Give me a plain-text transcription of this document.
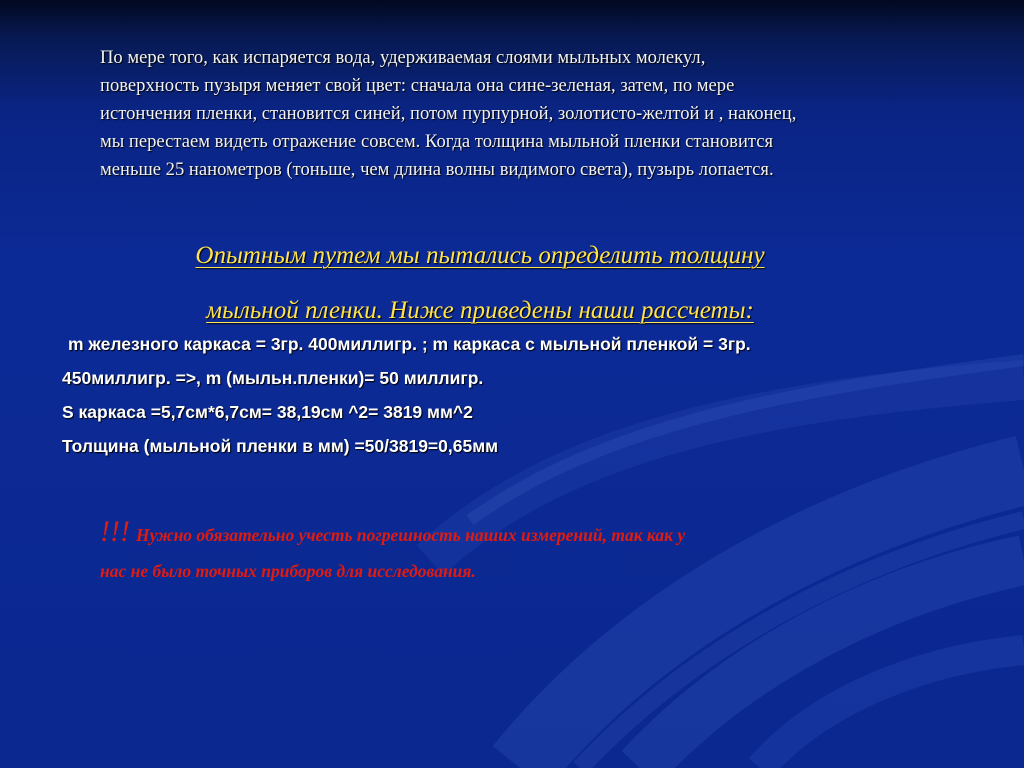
По мере того, как испаряется вода, удерживаемая слоями мыльных молекул,
поверхность пузыря меняет свой цвет: сначала она сине-зеленая, затем, по мере
истончения пленки, становится синей, потом пурпурной, золотисто-желтой и , наконец,
мы перестаем видеть отражение совсем. Когда толщина мыльной пленки становится
меньше 25 нанометров (тоньше, чем длина волны видимого света), пузырь лопается.
Опытным путем мы пытались определить толщину
мыльной пленки. Ниже приведены наши рассчеты:
m железного каркаса = 3гр. 400миллигр. ; m каркаса с мыльной пленкой = 3гр.
450миллигр. =>, m (мыльн.пленки)= 50 миллигр.
S каркаса =5,7см*6,7см= 38,19см ^2= 3819 мм^2
Толщина (мыльной пленки в мм) =50/3819=0,65мм
!!! Нужно обязательно учесть погрешность наших измерений, так как у
нас не было точных приборов для исследования.
